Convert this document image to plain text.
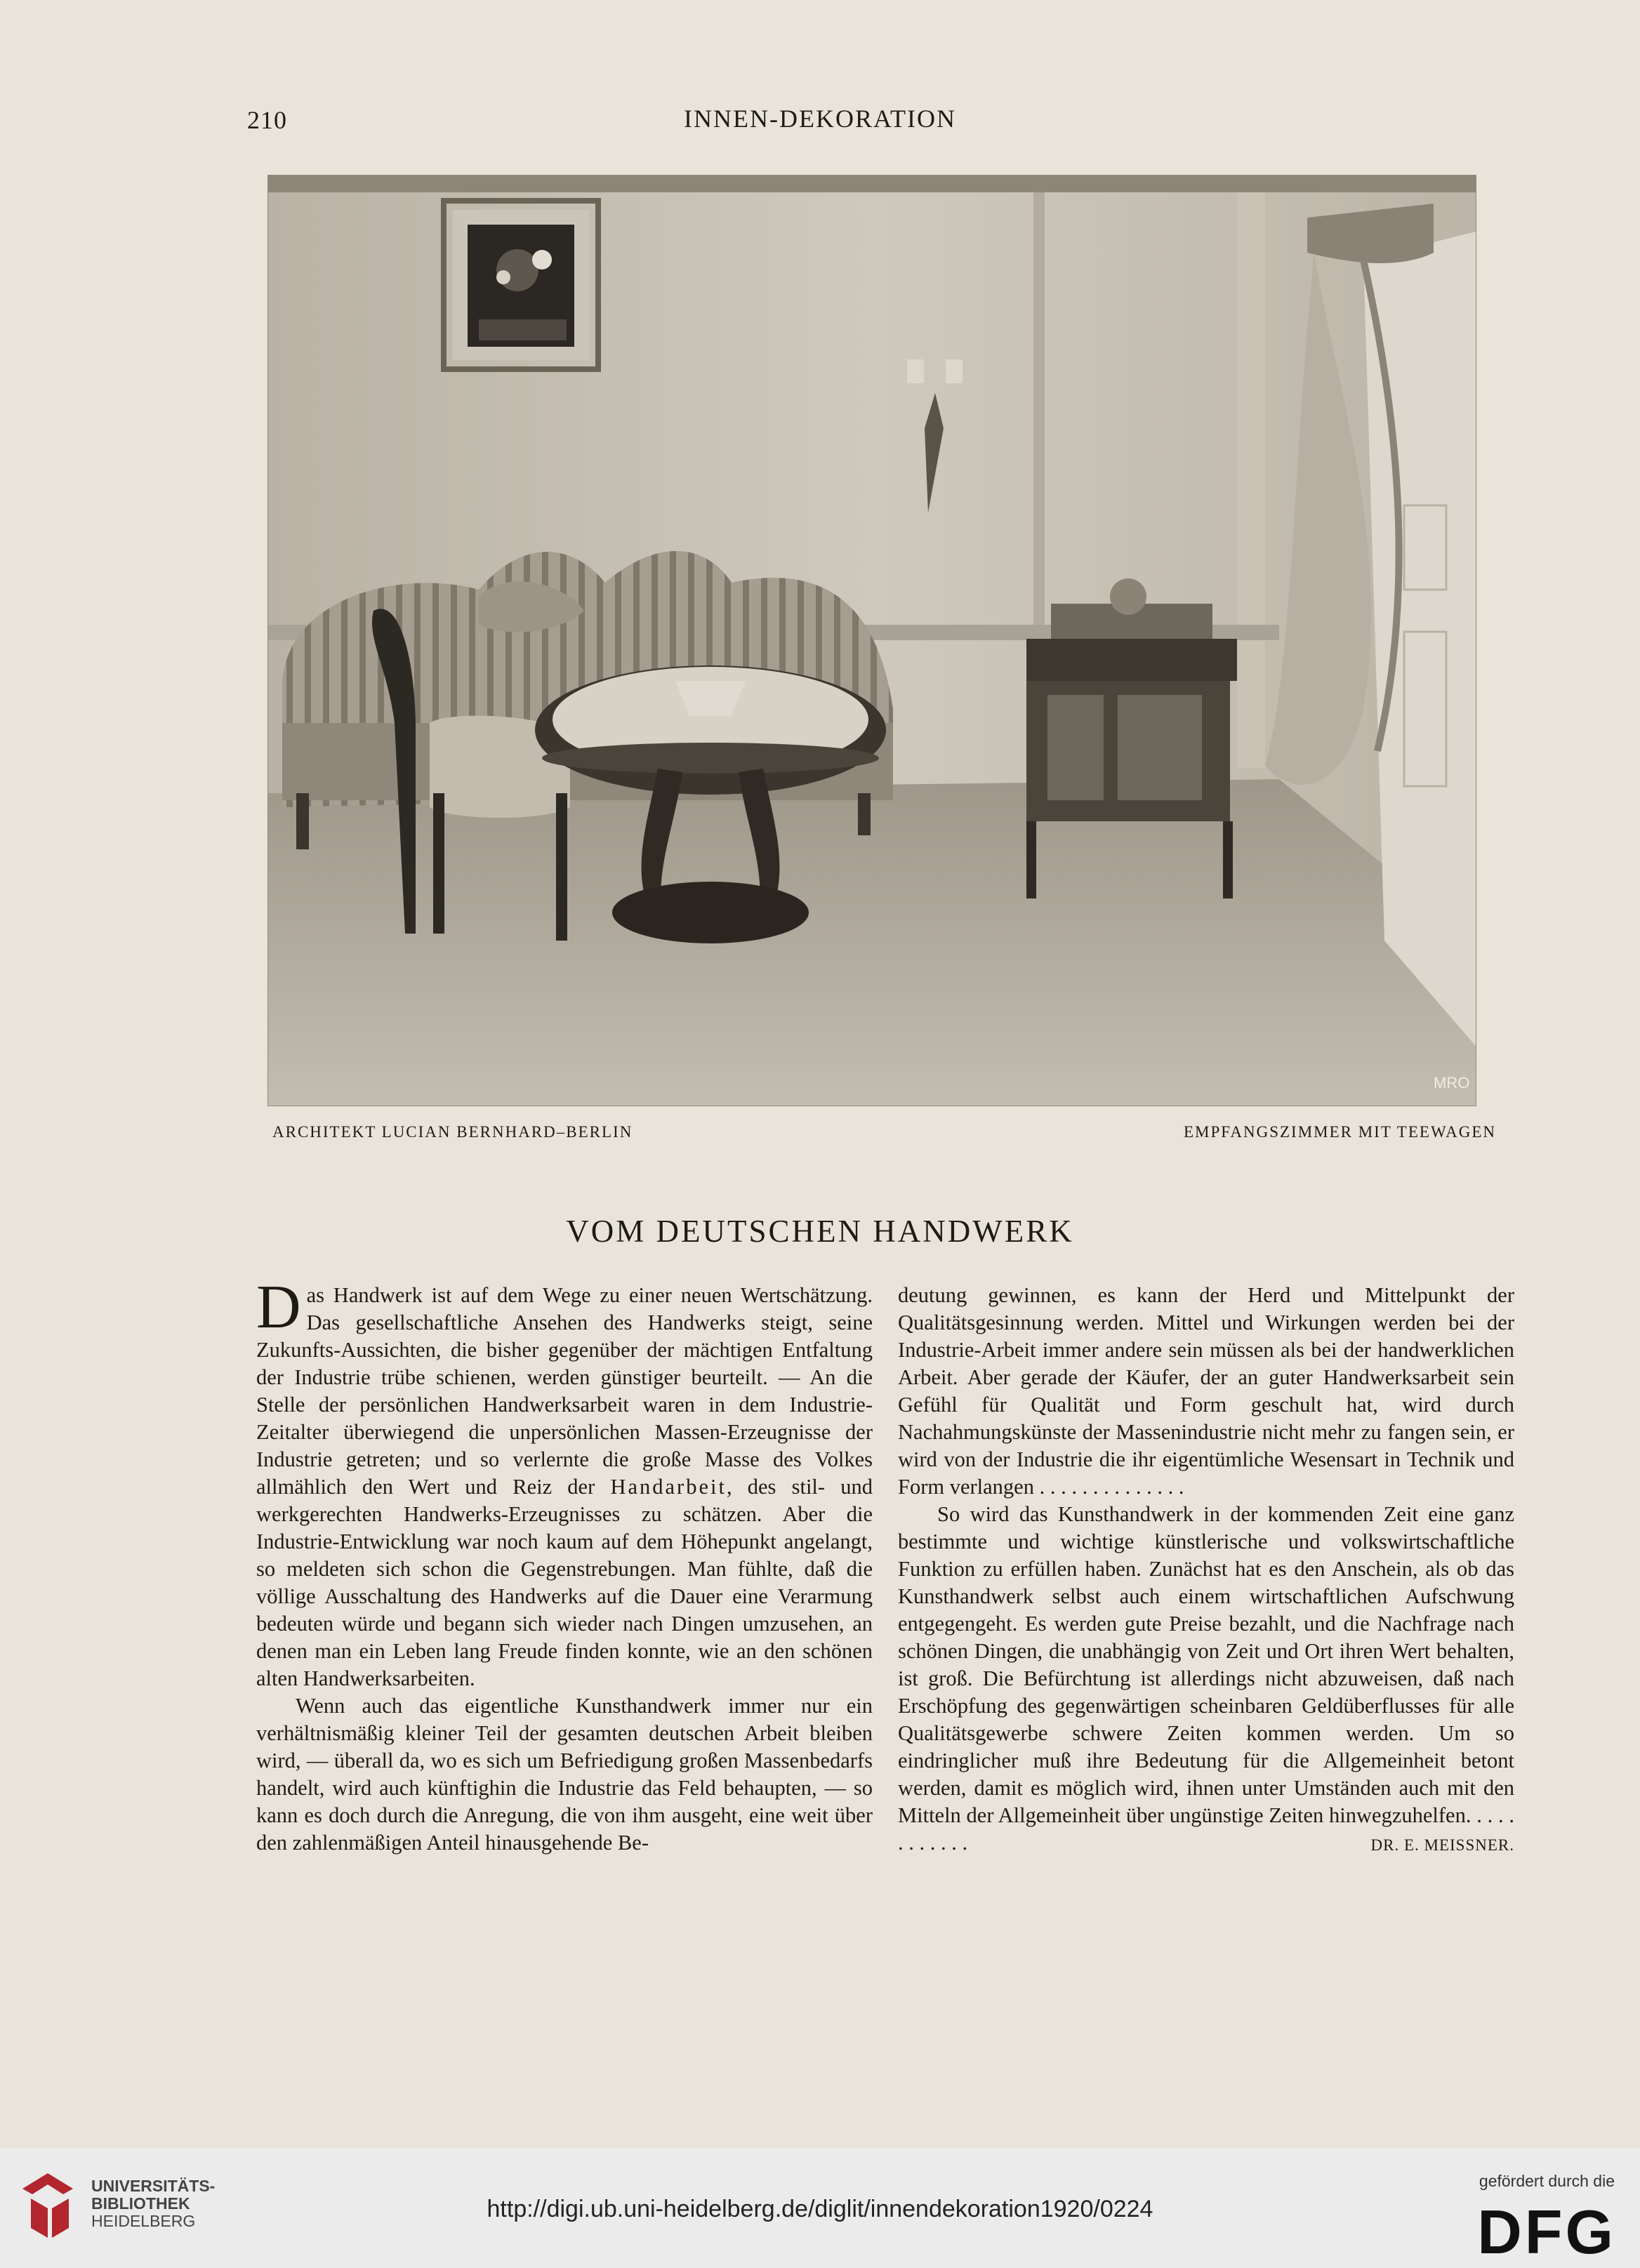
210	INNEN-DEKORATION
MRO
ARCHITEKT LUCIAN BERNHARD–BERLIN	EMPFANGSZIMMER MIT TEEWAGEN
VOM DEUTSCHEN HANDWERK

Das Handwerk ist auf dem Wege zu einer neuen Wertschätzung. Das gesellschaftliche Ansehen des Handwerks steigt, seine Zukunfts-Aussichten, die bisher gegenüber der mächtigen Entfaltung der Industrie trübe schienen, werden günstiger beurteilt. — An die Stelle der persönlichen Handwerksarbeit waren in dem Industrie-Zeitalter überwiegend die unpersönlichen Massen-Erzeugnisse der Industrie getreten; und so verlernte die große Masse des Volkes allmählich den Wert und Reiz der Handarbeit, des stil- und werkgerechten Handwerks-Erzeugnisses zu schätzen. Aber die Industrie-Entwicklung war noch kaum auf dem Höhepunkt angelangt, so meldeten sich schon die Gegenstrebungen. Man fühlte, daß die völlige Ausschaltung des Handwerks auf die Dauer eine Verarmung bedeuten würde und begann sich wieder nach Dingen umzusehen, an denen man ein Leben lang Freude finden konnte, wie an den schönen alten Handwerksarbeiten.

Wenn auch das eigentliche Kunsthandwerk immer nur ein verhältnismäßig kleiner Teil der gesamten deutschen Arbeit bleiben wird, — überall da, wo es sich um Befriedigung großen Massenbedarfs handelt, wird auch künftighin die Industrie das Feld behaupten, — so kann es doch durch die Anregung, die von ihm ausgeht, eine weit über den zahlenmäßigen Anteil hinausgehende Be-

deutung gewinnen, es kann der Herd und Mittelpunkt der Qualitätsgesinnung werden. Mittel und Wirkungen werden bei der Industrie-Arbeit immer andere sein müssen als bei der handwerklichen Arbeit. Aber gerade der Käufer, der an guter Handwerksarbeit sein Gefühl für Qualität und Form geschult hat, wird durch Nachahmungskünste der Massenindustrie nicht mehr zu fangen sein, er wird von der Industrie die ihr eigentümliche Wesensart in Technik und Form verlangen . . . . . . . . . . . . . .

So wird das Kunsthandwerk in der kommenden Zeit eine ganz bestimmte und wichtige künstlerische und volkswirtschaftliche Funktion zu erfüllen haben. Zunächst hat es den Anschein, als ob das Kunsthandwerk selbst auch einem wirtschaftlichen Aufschwung entgegengeht. Es werden gute Preise bezahlt, und die Nachfrage nach schönen Dingen, die unabhängig von Zeit und Ort ihren Wert behalten, ist groß. Die Befürchtung ist allerdings nicht abzuweisen, daß nach Erschöpfung des gegenwärtigen scheinbaren Geldüberflusses für alle Qualitätsgewerbe schwere Zeiten kommen werden. Um so eindringlicher muß ihre Bedeutung für die Allgemeinheit betont werden, damit es möglich wird, ihnen unter Umständen auch mit den Mitteln der Allgemeinheit über ungünstige Zeiten hinwegzuhelfen. . . . . . . . . . . .	DR. E. MEISSNER.

UNIVERSITÄTS-
BIBLIOTHEK
HEIDELBERG	http://digi.ub.uni-heidelberg.de/diglit/innendekoration1920/0224
gefördert durch die
DFG
